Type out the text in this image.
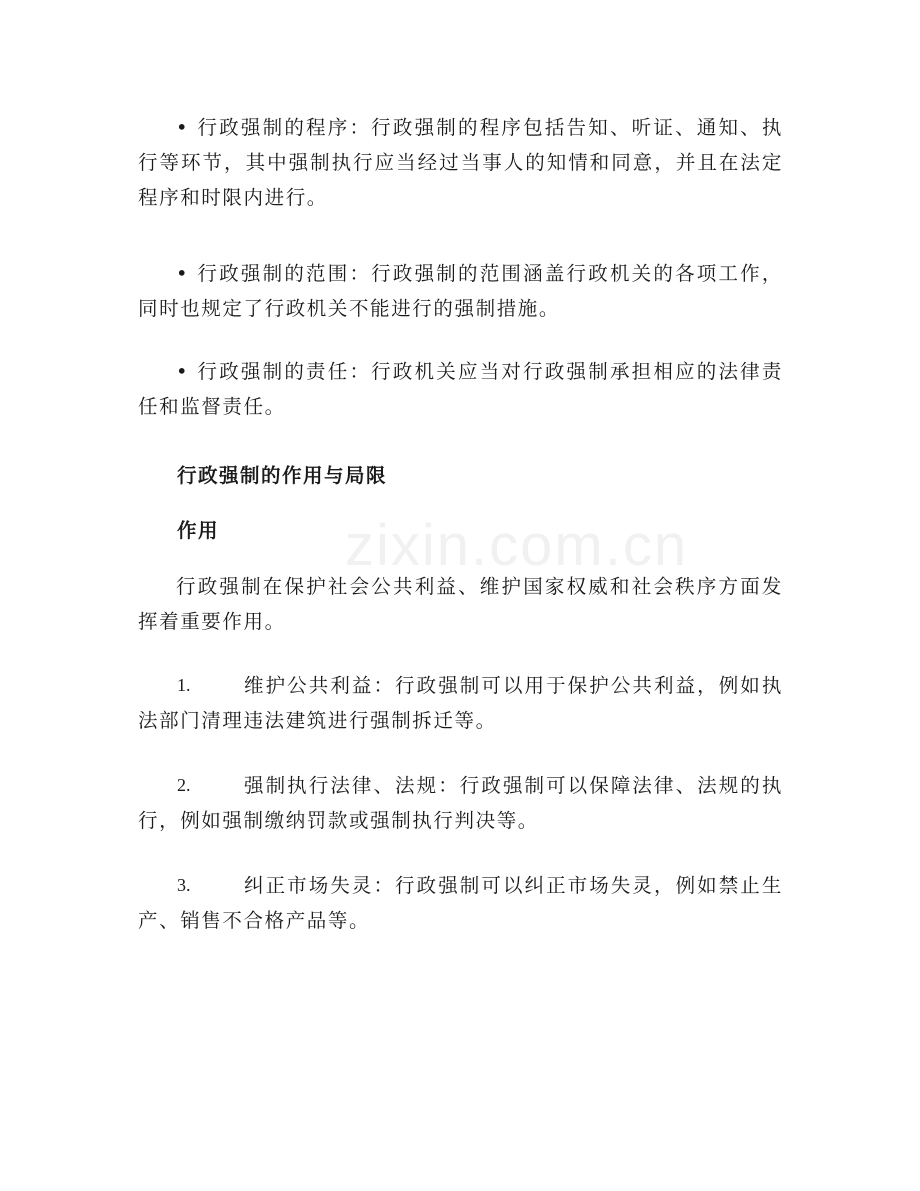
zixin.com.cn

• 行政强制的程序：行政强制的程序包括告知、听证、通知、执行等环节，其中强制执行应当经过当事人的知情和同意，并且在法定程序和时限内进行。

• 行政强制的范围：行政强制的范围涵盖行政机关的各项工作，同时也规定了行政机关不能进行的强制措施。

• 行政强制的责任：行政机关应当对行政强制承担相应的法律责任和监督责任。

行政强制的作用与局限
作用

行政强制在保护社会公共利益、维护国家权威和社会秩序方面发挥着重要作用。

1.	维护公共利益：行政强制可以用于保护公共利益，例如执法部门清理违法建筑进行强制拆迁等。

2.	强制执行法律、法规：行政强制可以保障法律、法规的执行，例如强制缴纳罚款或强制执行判决等。

3.	纠正市场失灵：行政强制可以纠正市场失灵，例如禁止生产、销售不合格产品等。
